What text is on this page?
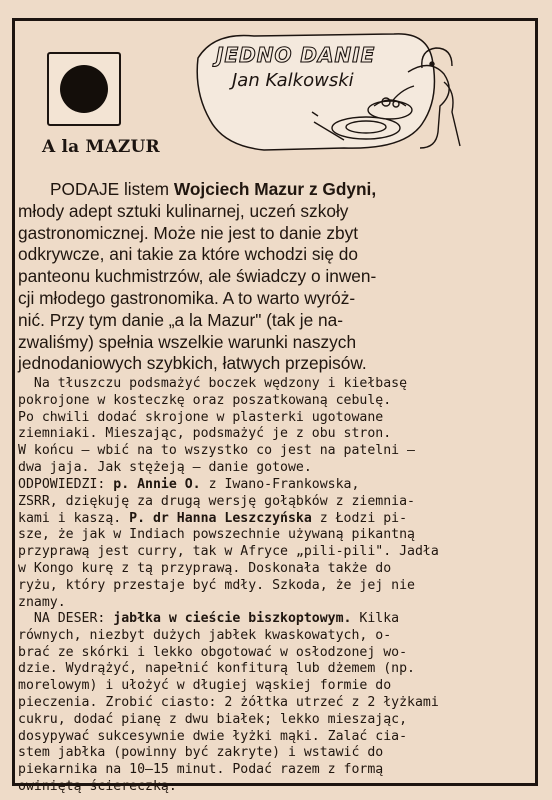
JEDNO DANIE
Jan Kalkowski
A la MAZUR
PODAJE listem Wojciech Mazur z Gdyni,
młody adept sztuki kulinarnej, uczeń szkoły
gastronomicznej. Może nie jest to danie zbyt
odkrywcze, ani takie za które wchodzi się do
panteonu kuchmistrzów, ale świadczy o inwen-
cji młodego gastronomika. A to warto wyróż-
nić. Przy tym danie „a la Mazur" (tak je na-
zwaliśmy) spełnia wszelkie warunki naszych
jednodaniowych szybkich, łatwych przepisów.
Na tłuszczu podsmażyć boczek wędzony i kiełbasę
pokrojone w kosteczkę oraz poszatkowaną cebulę.
Po chwili dodać skrojone w plasterki ugotowane
ziemniaki. Mieszając, podsmażyć je z obu stron.
W końcu — wbić na to wszystko co jest na patelni —
dwa jaja. Jak stężeją — danie gotowe.
ODPOWIEDZI: p. Annie O. z Iwano-Frankowska,
ZSRR, dziękuję za drugą wersję gołąbków z ziemnia-
kami i kaszą. P. dr Hanna Leszczyńska z Łodzi pi-
sze, że jak w Indiach powszechnie używaną pikantną
przyprawą jest curry, tak w Afryce „pili-pili". Jadła
w Kongo kurę z tą przyprawą. Doskonała także do
ryżu, który przestaje być mdły. Szkoda, że jej nie
znamy.
NA DESER: jabłka w cieście biszkoptowym. Kilka
równych, niezbyt dużych jabłek kwaskowatych, o-
brać ze skórki i lekko obgotować w osłodzonej wo-
dzie. Wydrążyć, napełnić konfiturą lub dżemem (np.
morelowym) i ułożyć w długiej wąskiej formie do
pieczenia. Zrobić ciasto: 2 żółtka utrzeć z 2 łyżkami
cukru, dodać pianę z dwu białek; lekko mieszając,
dosypywać sukcesywnie dwie łyżki mąki. Zalać cia-
stem jabłka (powinny być zakryte) i wstawić do
piekarnika na 10—15 minut. Podać razem z formą
owiniętą ściereczką.
